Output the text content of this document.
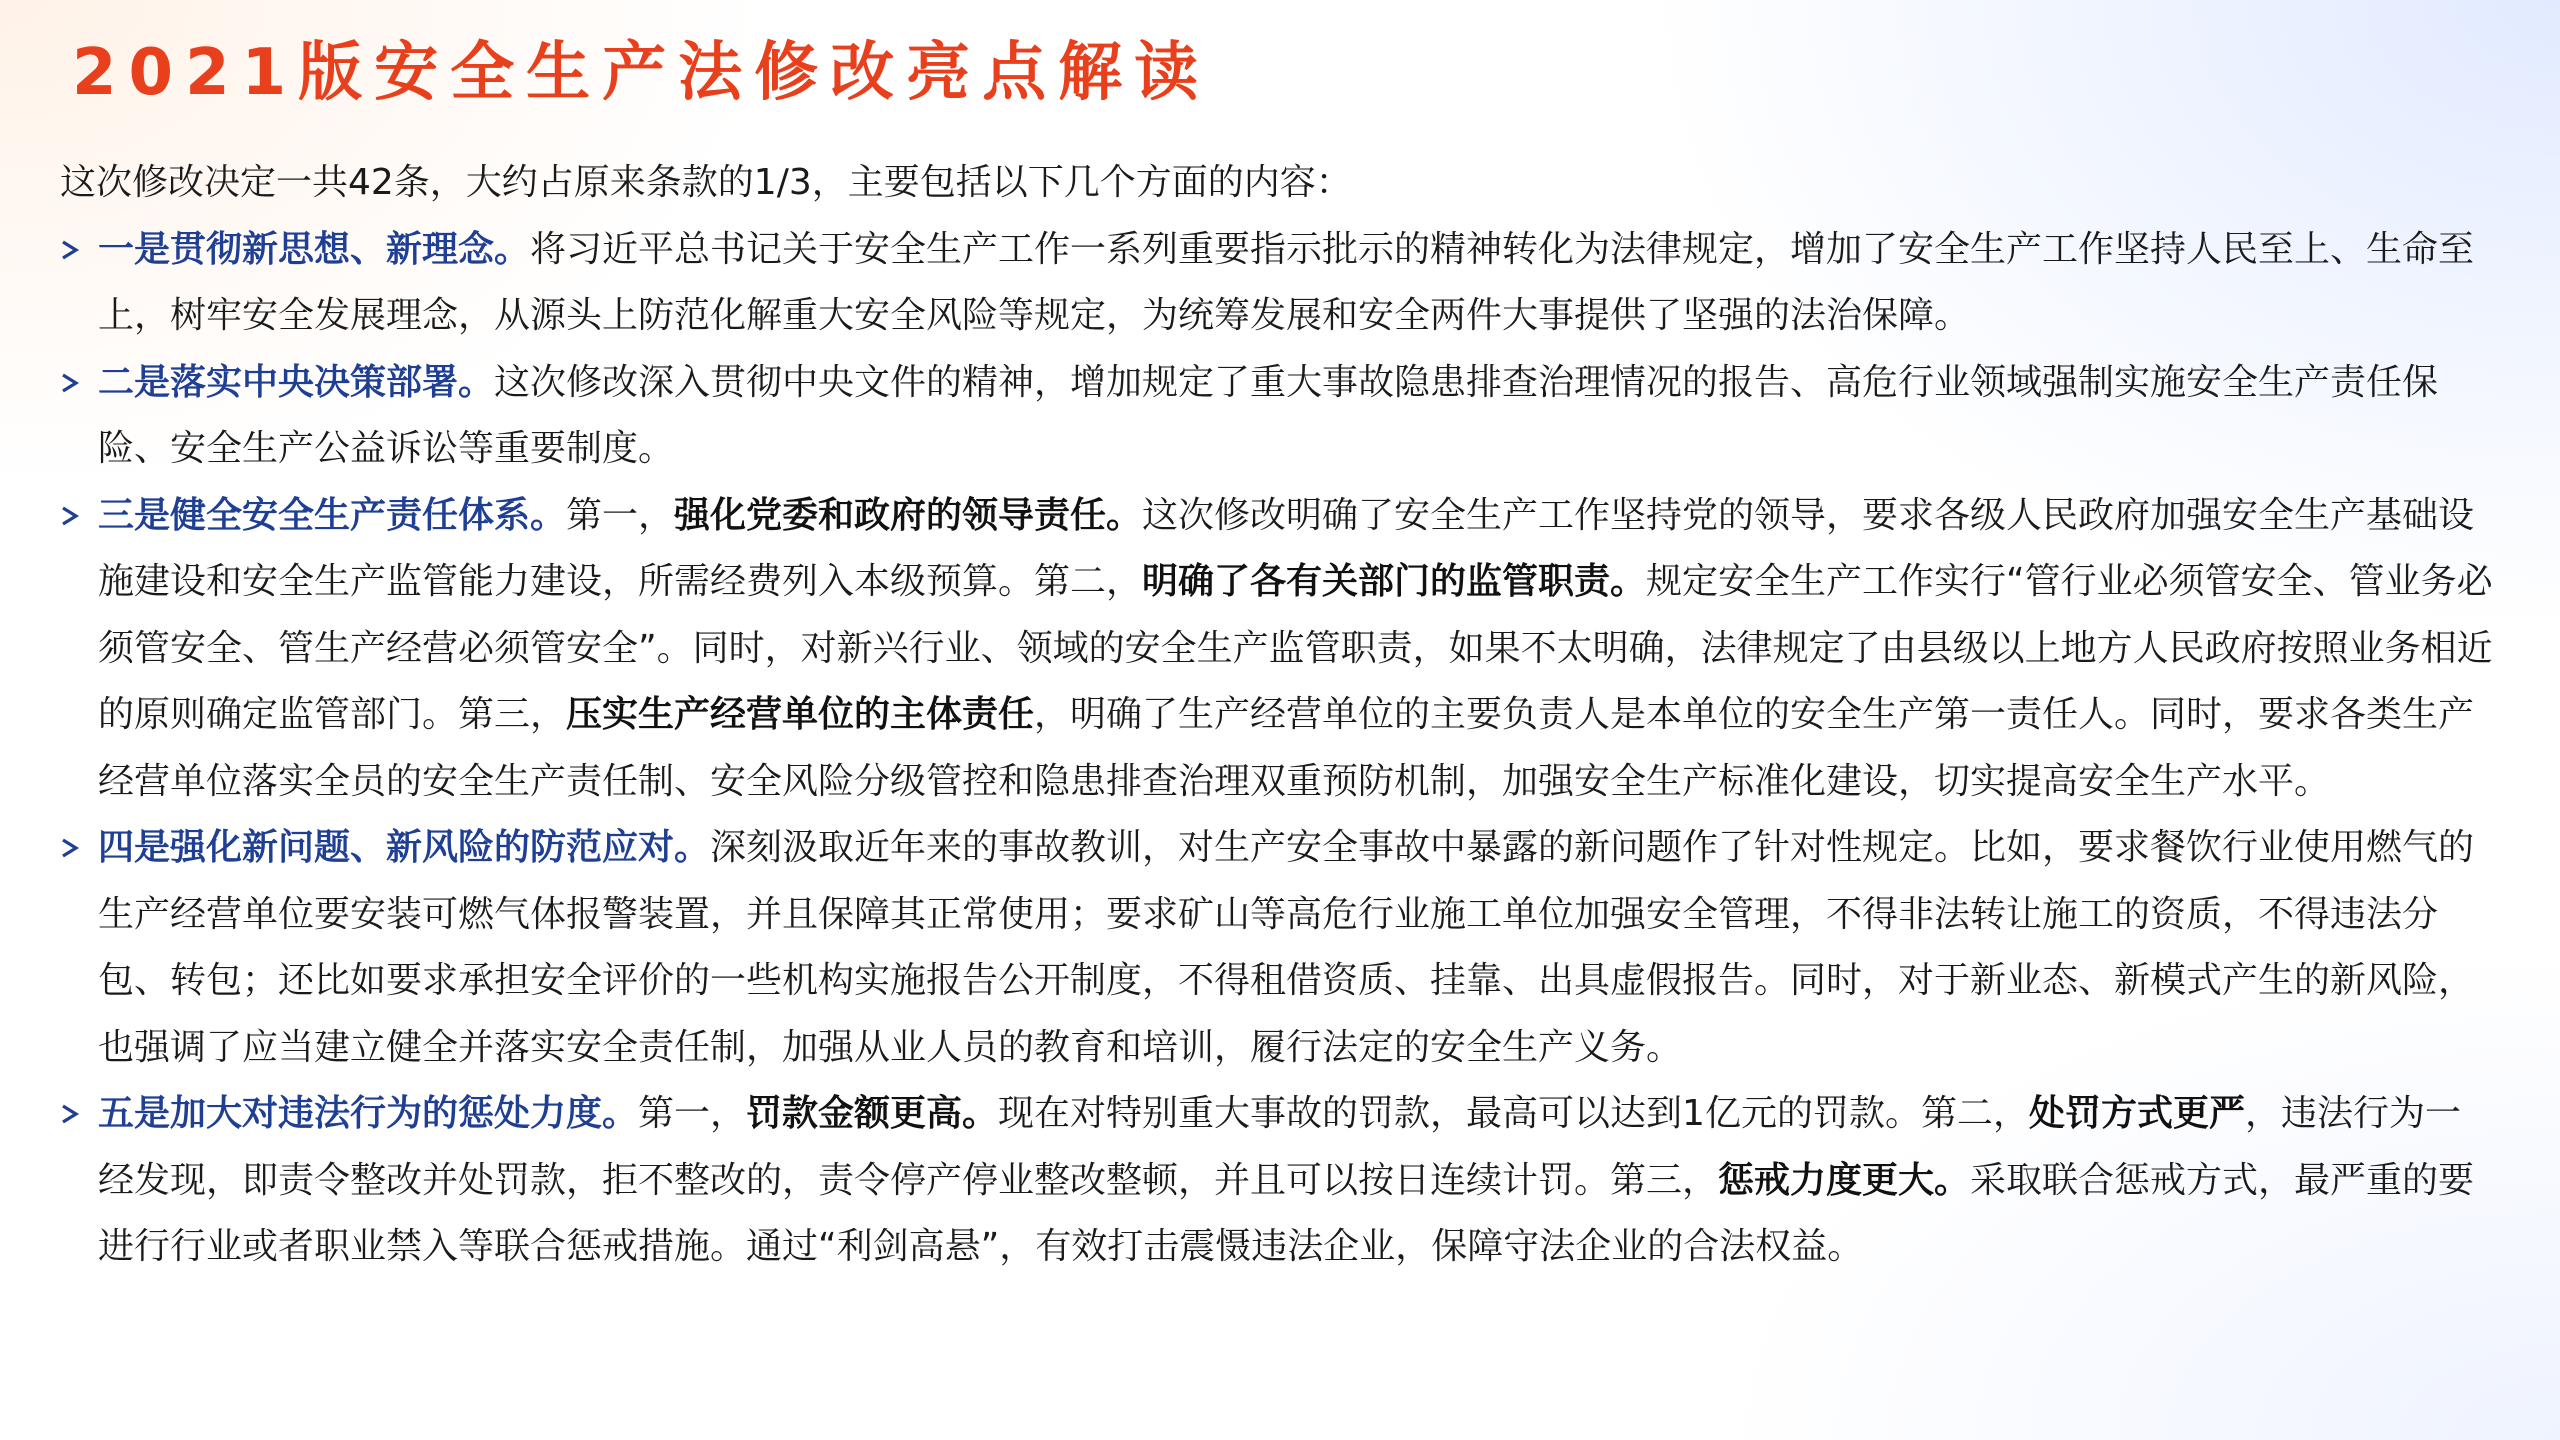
2021版安全生产法修改亮点解读

这次修改决定一共42条，大约占原来条款的1/3，主要包括以下几个方面的内容：

一是贯彻新思想、新理念。将习近平总书记关于安全生产工作一系列重要指示批示的精神转化为法律规定，增加了安全生产工作坚持人民至上、生命至上，树牢安全发展理念，从源头上防范化解重大安全风险等规定，为统筹发展和安全两件大事提供了坚强的法治保障。
二是落实中央决策部署。这次修改深入贯彻中央文件的精神，增加规定了重大事故隐患排查治理情况的报告、高危行业领域强制实施安全生产责任保险、安全生产公益诉讼等重要制度。
三是健全安全生产责任体系。第一，强化党委和政府的领导责任。这次修改明确了安全生产工作坚持党的领导，要求各级人民政府加强安全生产基础设施建设和安全生产监管能力建设，所需经费列入本级预算。第二，明确了各有关部门的监管职责。规定安全生产工作实行“管行业必须管安全、管业务必须管安全、管生产经营必须管安全”。同时，对新兴行业、领域的安全生产监管职责，如果不太明确，法律规定了由县级以上地方人民政府按照业务相近的原则确定监管部门。第三，压实生产经营单位的主体责任，明确了生产经营单位的主要负责人是本单位的安全生产第一责任人。同时，要求各类生产经营单位落实全员的安全生产责任制、安全风险分级管控和隐患排查治理双重预防机制，加强安全生产标准化建设，切实提高安全生产水平。
四是强化新问题、新风险的防范应对。深刻汲取近年来的事故教训，对生产安全事故中暴露的新问题作了针对性规定。比如，要求餐饮行业使用燃气的生产经营单位要安装可燃气体报警装置，并且保障其正常使用；要求矿山等高危行业施工单位加强安全管理，不得非法转让施工的资质，不得违法分包、转包；还比如要求承担安全评价的一些机构实施报告公开制度，不得租借资质、挂靠、出具虚假报告。同时，对于新业态、新模式产生的新风险，也强调了应当建立健全并落实安全责任制，加强从业人员的教育和培训，履行法定的安全生产义务。
五是加大对违法行为的惩处力度。第一，罚款金额更高。现在对特别重大事故的罚款，最高可以达到1亿元的罚款。第二，处罚方式更严，违法行为一经发现，即责令整改并处罚款，拒不整改的，责令停产停业整改整顿，并且可以按日连续计罚。第三，惩戒力度更大。采取联合惩戒方式，最严重的要进行行业或者职业禁入等联合惩戒措施。通过“利剑高悬”，有效打击震慑违法企业，保障守法企业的合法权益。
